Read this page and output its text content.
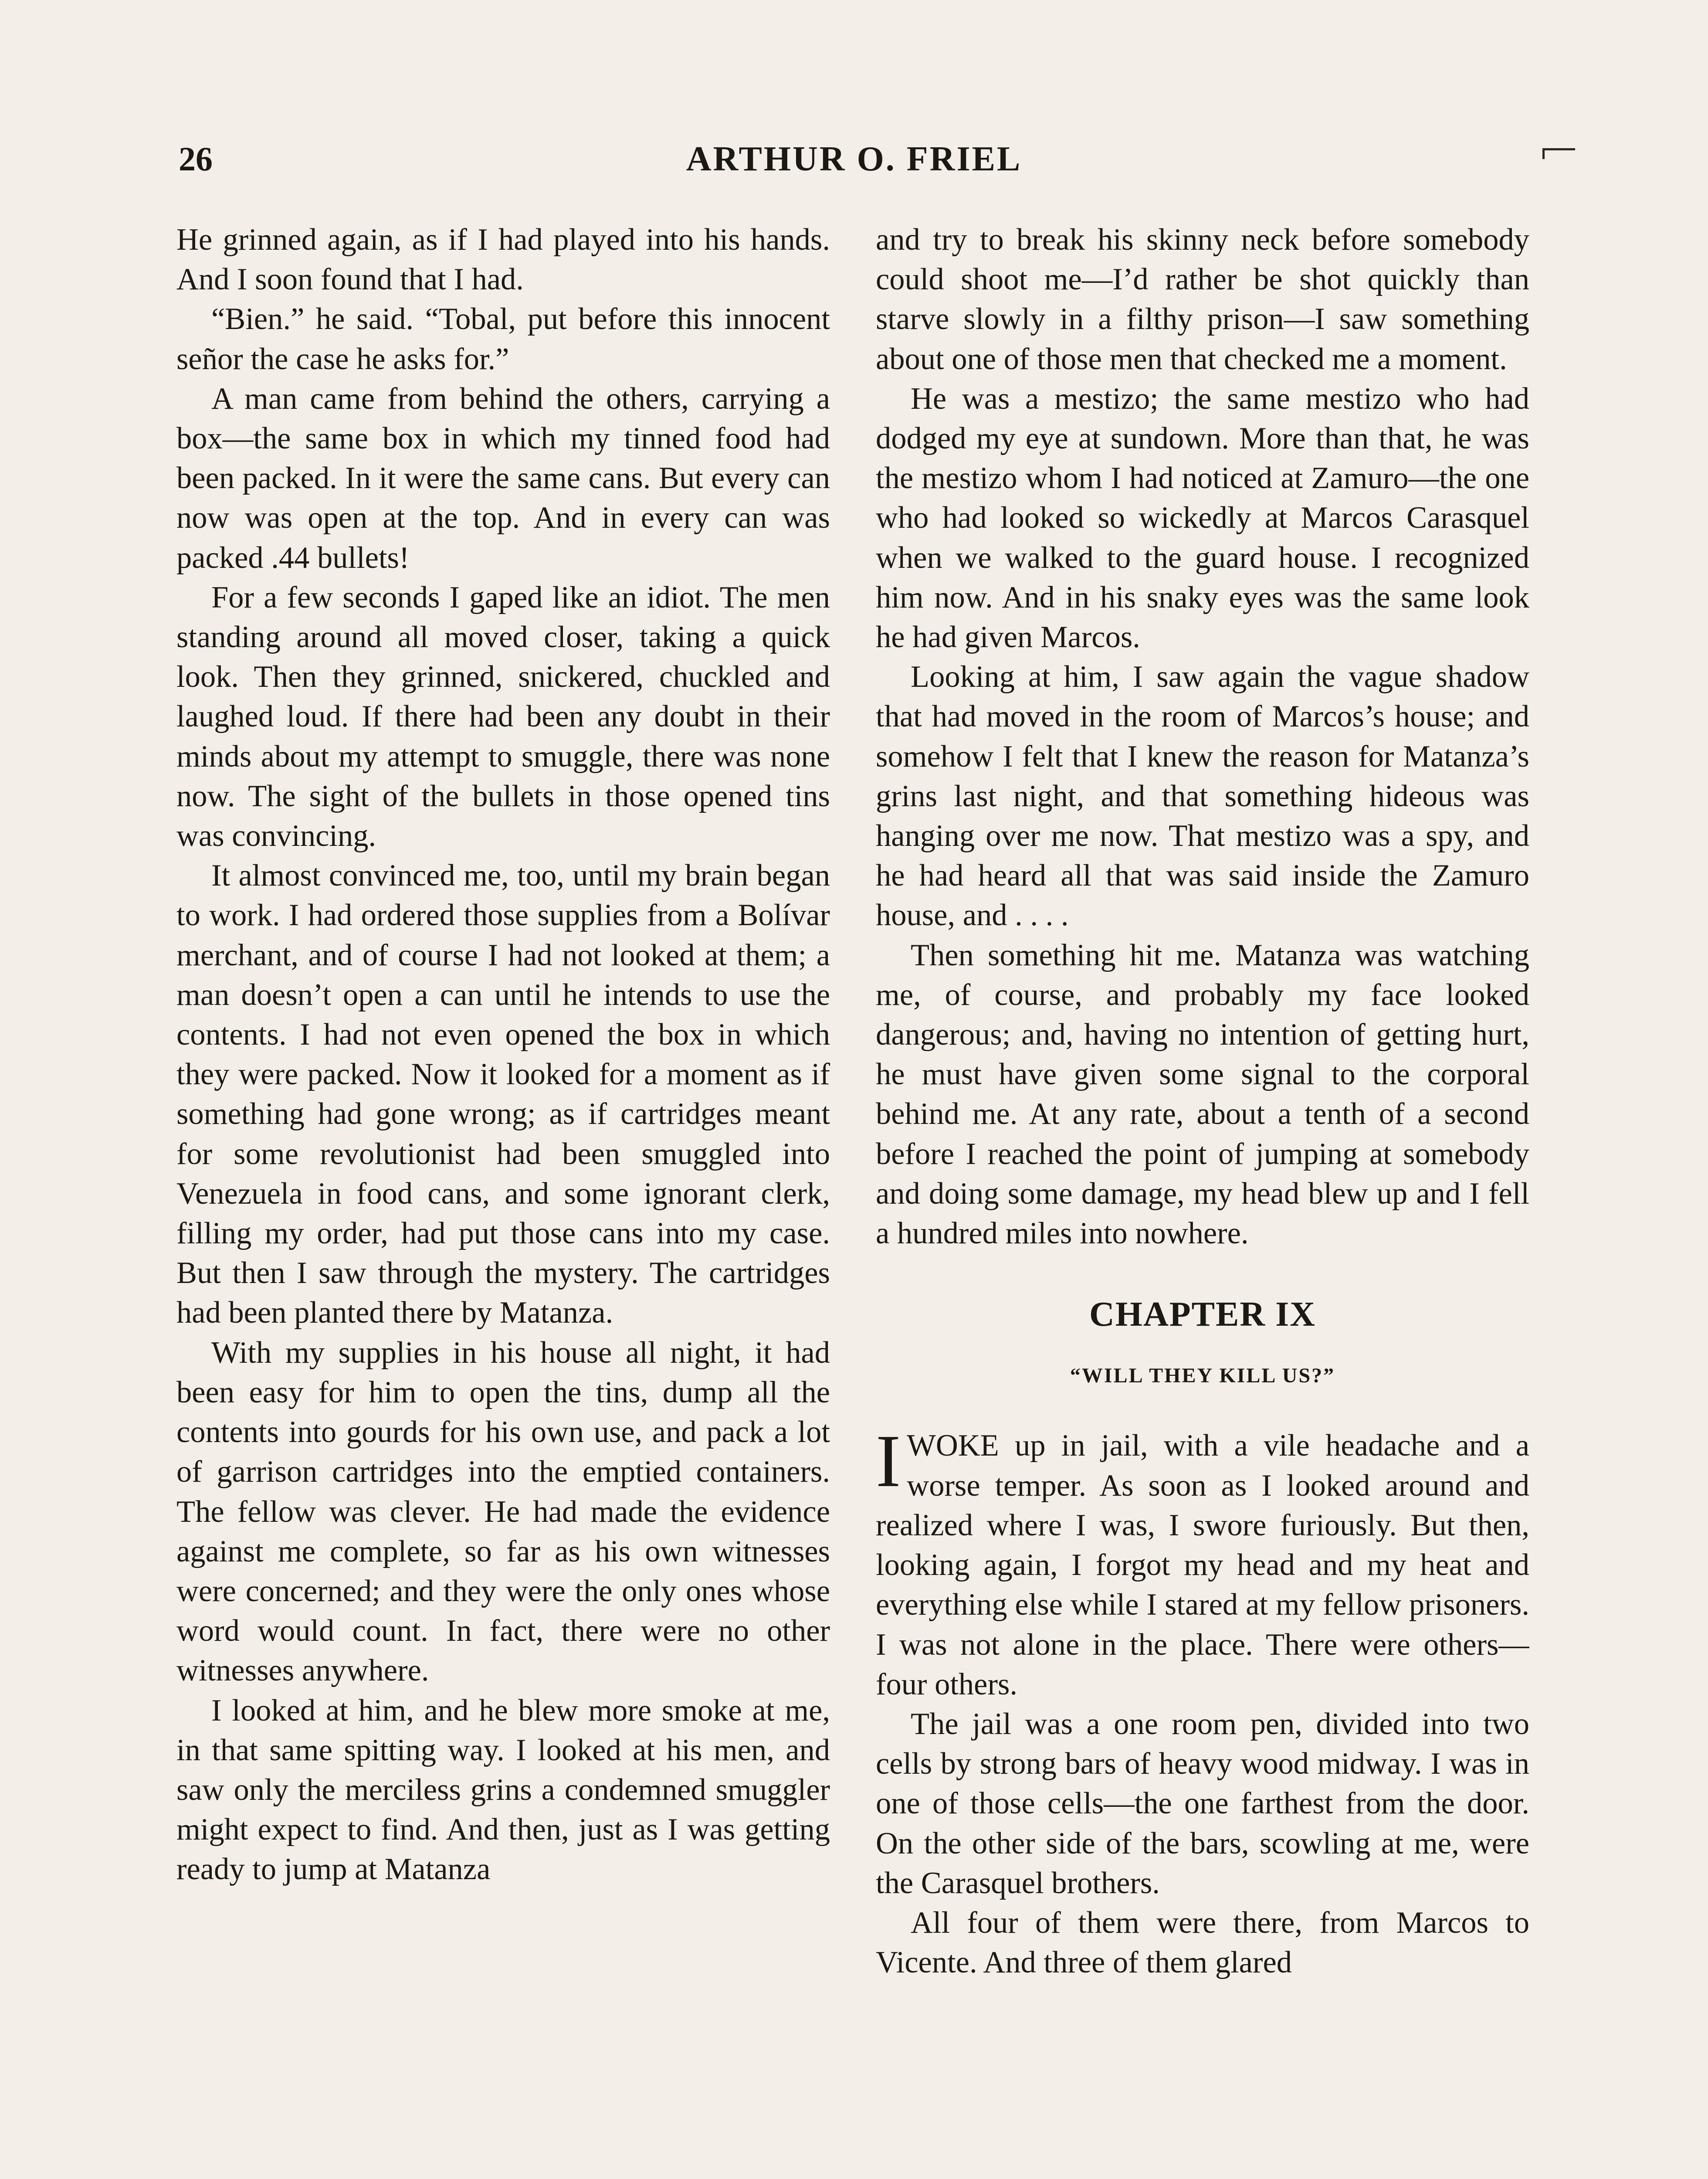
26	ARTHUR O. FRIEL

He grinned again, as if I had played into his hands. And I soon found that I had.

“Bien.” he said. “Tobal, put before this innocent señor the case he asks for.”

A man came from behind the others, carrying a box—the same box in which my tinned food had been packed. In it were the same cans. But every can now was open at the top. And in every can was packed .44 bullets!

For a few seconds I gaped like an idiot. The men standing around all moved closer, taking a quick look. Then they grinned, snickered, chuckled and laughed loud. If there had been any doubt in their minds about my attempt to smuggle, there was none now. The sight of the bullets in those opened tins was convincing.

It almost convinced me, too, until my brain began to work. I had ordered those supplies from a Bolívar merchant, and of course I had not looked at them; a man doesn’t open a can until he intends to use the contents. I had not even opened the box in which they were packed. Now it looked for a moment as if something had gone wrong; as if cartridges meant for some revolutionist had been smuggled into Venezuela in food cans, and some ignorant clerk, filling my order, had put those cans into my case. But then I saw through the mystery. The cartridges had been planted there by Matanza.

With my supplies in his house all night, it had been easy for him to open the tins, dump all the contents into gourds for his own use, and pack a lot of garrison cartridges into the emptied containers. The fellow was clever. He had made the evidence against me complete, so far as his own witnesses were concerned; and they were the only ones whose word would count. In fact, there were no other witnesses anywhere.

I looked at him, and he blew more smoke at me, in that same spitting way. I looked at his men, and saw only the merciless grins a condemned smuggler might expect to find. And then, just as I was getting ready to jump at Matanza

and try to break his skinny neck before somebody could shoot me—I’d rather be shot quickly than starve slowly in a filthy prison—I saw something about one of those men that checked me a moment.

He was a mestizo; the same mestizo who had dodged my eye at sundown. More than that, he was the mestizo whom I had noticed at Zamuro—the one who had looked so wickedly at Marcos Carasquel when we walked to the guard house. I recognized him now. And in his snaky eyes was the same look he had given Marcos.

Looking at him, I saw again the vague shadow that had moved in the room of Marcos’s house; and somehow I felt that I knew the reason for Matanza’s grins last night, and that something hideous was hanging over me now. That mestizo was a spy, and he had heard all that was said inside the Zamuro house, and . . . .

Then something hit me. Matanza was watching me, of course, and probably my face looked dangerous; and, having no intention of getting hurt, he must have given some signal to the corporal behind me. At any rate, about a tenth of a second before I reached the point of jumping at somebody and doing some damage, my head blew up and I fell a hundred miles into nowhere.

CHAPTER IX
“WILL THEY KILL US?”

I WOKE up in jail, with a vile headache and a worse temper. As soon as I looked around and realized where I was, I swore furiously. But then, looking again, I forgot my head and my heat and everything else while I stared at my fellow prisoners. I was not alone in the place. There were others—four others.

The jail was a one room pen, divided into two cells by strong bars of heavy wood midway. I was in one of those cells—the one farthest from the door. On the other side of the bars, scowling at me, were the Carasquel brothers.

All four of them were there, from Marcos to Vicente. And three of them glared
